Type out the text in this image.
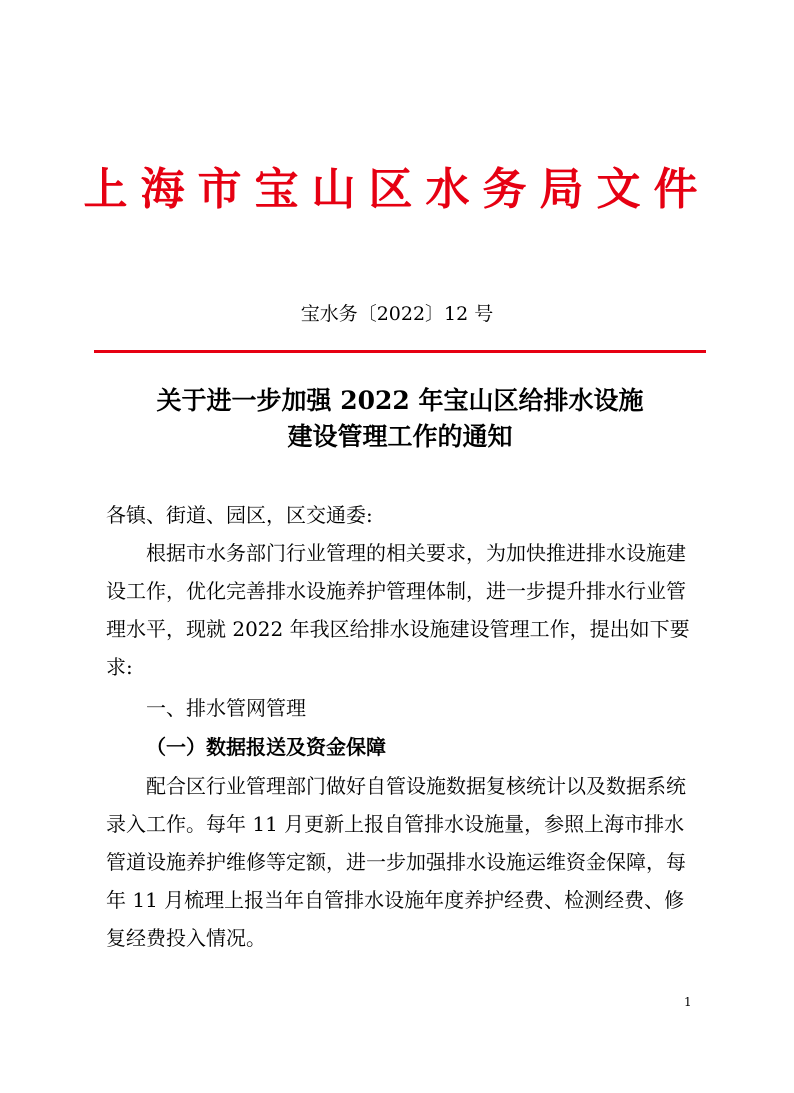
上海市宝山区水务局文件
宝水务〔2022〕12 号
关于进一步加强 2022 年宝山区给排水设施
建设管理工作的通知
各镇、街道、园区，区交通委:
根据市水务部门行业管理的相关要求，为加快推进排水设施建设工作，优化完善排水设施养护管理体制，进一步提升排水行业管理水平，现就 2022 年我区给排水设施建设管理工作，提出如下要求:
一、排水管网管理
（一）数据报送及资金保障
配合区行业管理部门做好自管设施数据复核统计以及数据系统录入工作。每年 11 月更新上报自管排水设施量，参照上海市排水管道设施养护维修等定额，进一步加强排水设施运维资金保障，每年 11 月梳理上报当年自管排水设施年度养护经费、检测经费、修复经费投入情况。
1
